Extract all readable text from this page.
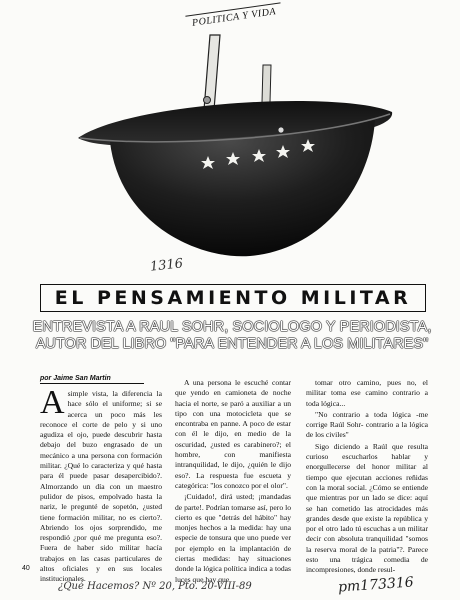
POLITICA Y VIDA
1316
EL PENSAMIENTO MILITAR
ENTREVISTA A RAUL SOHR, SOCIOLOGO Y PERIODISTA,
AUTOR DEL LIBRO "PARA ENTENDER A LOS MILITARES"
por Jaime San Martin

Asimple vista, la diferencia la hace sólo el uniforme; si se acerca un poco más les reconoce el corte de pelo y si uno agudiza el ojo, puede descubrir hasta debajo del buzo engrasado de un mecánico a una persona con formación militar. ¿Qué lo caracteriza y qué hasta para él puede pasar desapercibido?. Almorzando un día con un maestro pulidor de pisos, empolvado hasta la nariz, le pregunté de sopetón, ¿usted tiene formación militar, no es cierto?. Abriendo los ojos sorprendido, me respondió ¿por qué me pregunta eso?. Fuera de haber sido militar hacía trabajos en las casas particulares de altos oficiales y en sus locales institucionales.

A una persona le escuché contar que yendo en camioneta de noche hacia el norte, se paró a auxiliar a un tipo con una motocicleta que se encontraba en panne. A poco de estar con él le dijo, en medio de la oscuridad, ¿usted es carabinero?; el hombre, con manifiesta intranquilidad, le dijo, ¿quién le dijo eso?. La respuesta fue escueta y categórica: "los conozco por el olor".

¡Cuidado!, dirá usted; ¡mandadas de parte!. Podrían tomarse así, pero lo cierto es que "detrás del hábito" hay monjes hechos a la medida: hay una especie de tonsura que uno puede ver por ejemplo en la implantación de ciertas medidas: hay situaciones donde la lógica política indica a todas luces que hay que

tomar otro camino, pues no, el militar toma ese camino contrario a toda lógica...

"No contrario a toda lógica -me corrige Raúl Sohr- contrario a la lógica de los civiles"

Sigo diciendo a Raúl que resulta curioso escucharlos hablar y enorgullecerse del honor militar al tiempo que ejecutan acciones reñidas con la moral social. ¿Cómo se entiende que mientras por un lado se dice: aquí se han cometido las atrocidades más grandes desde que existe la república y por el otro lado tú escuchas a un militar decir con absoluta tranquilidad "somos la reserva moral de la patria"?. Parece esto una trágica comedia de incompresiones, donde resul-

40
¿Qué Hacemos? Nº 20, Pto. 20-VIII-89	pm173316
